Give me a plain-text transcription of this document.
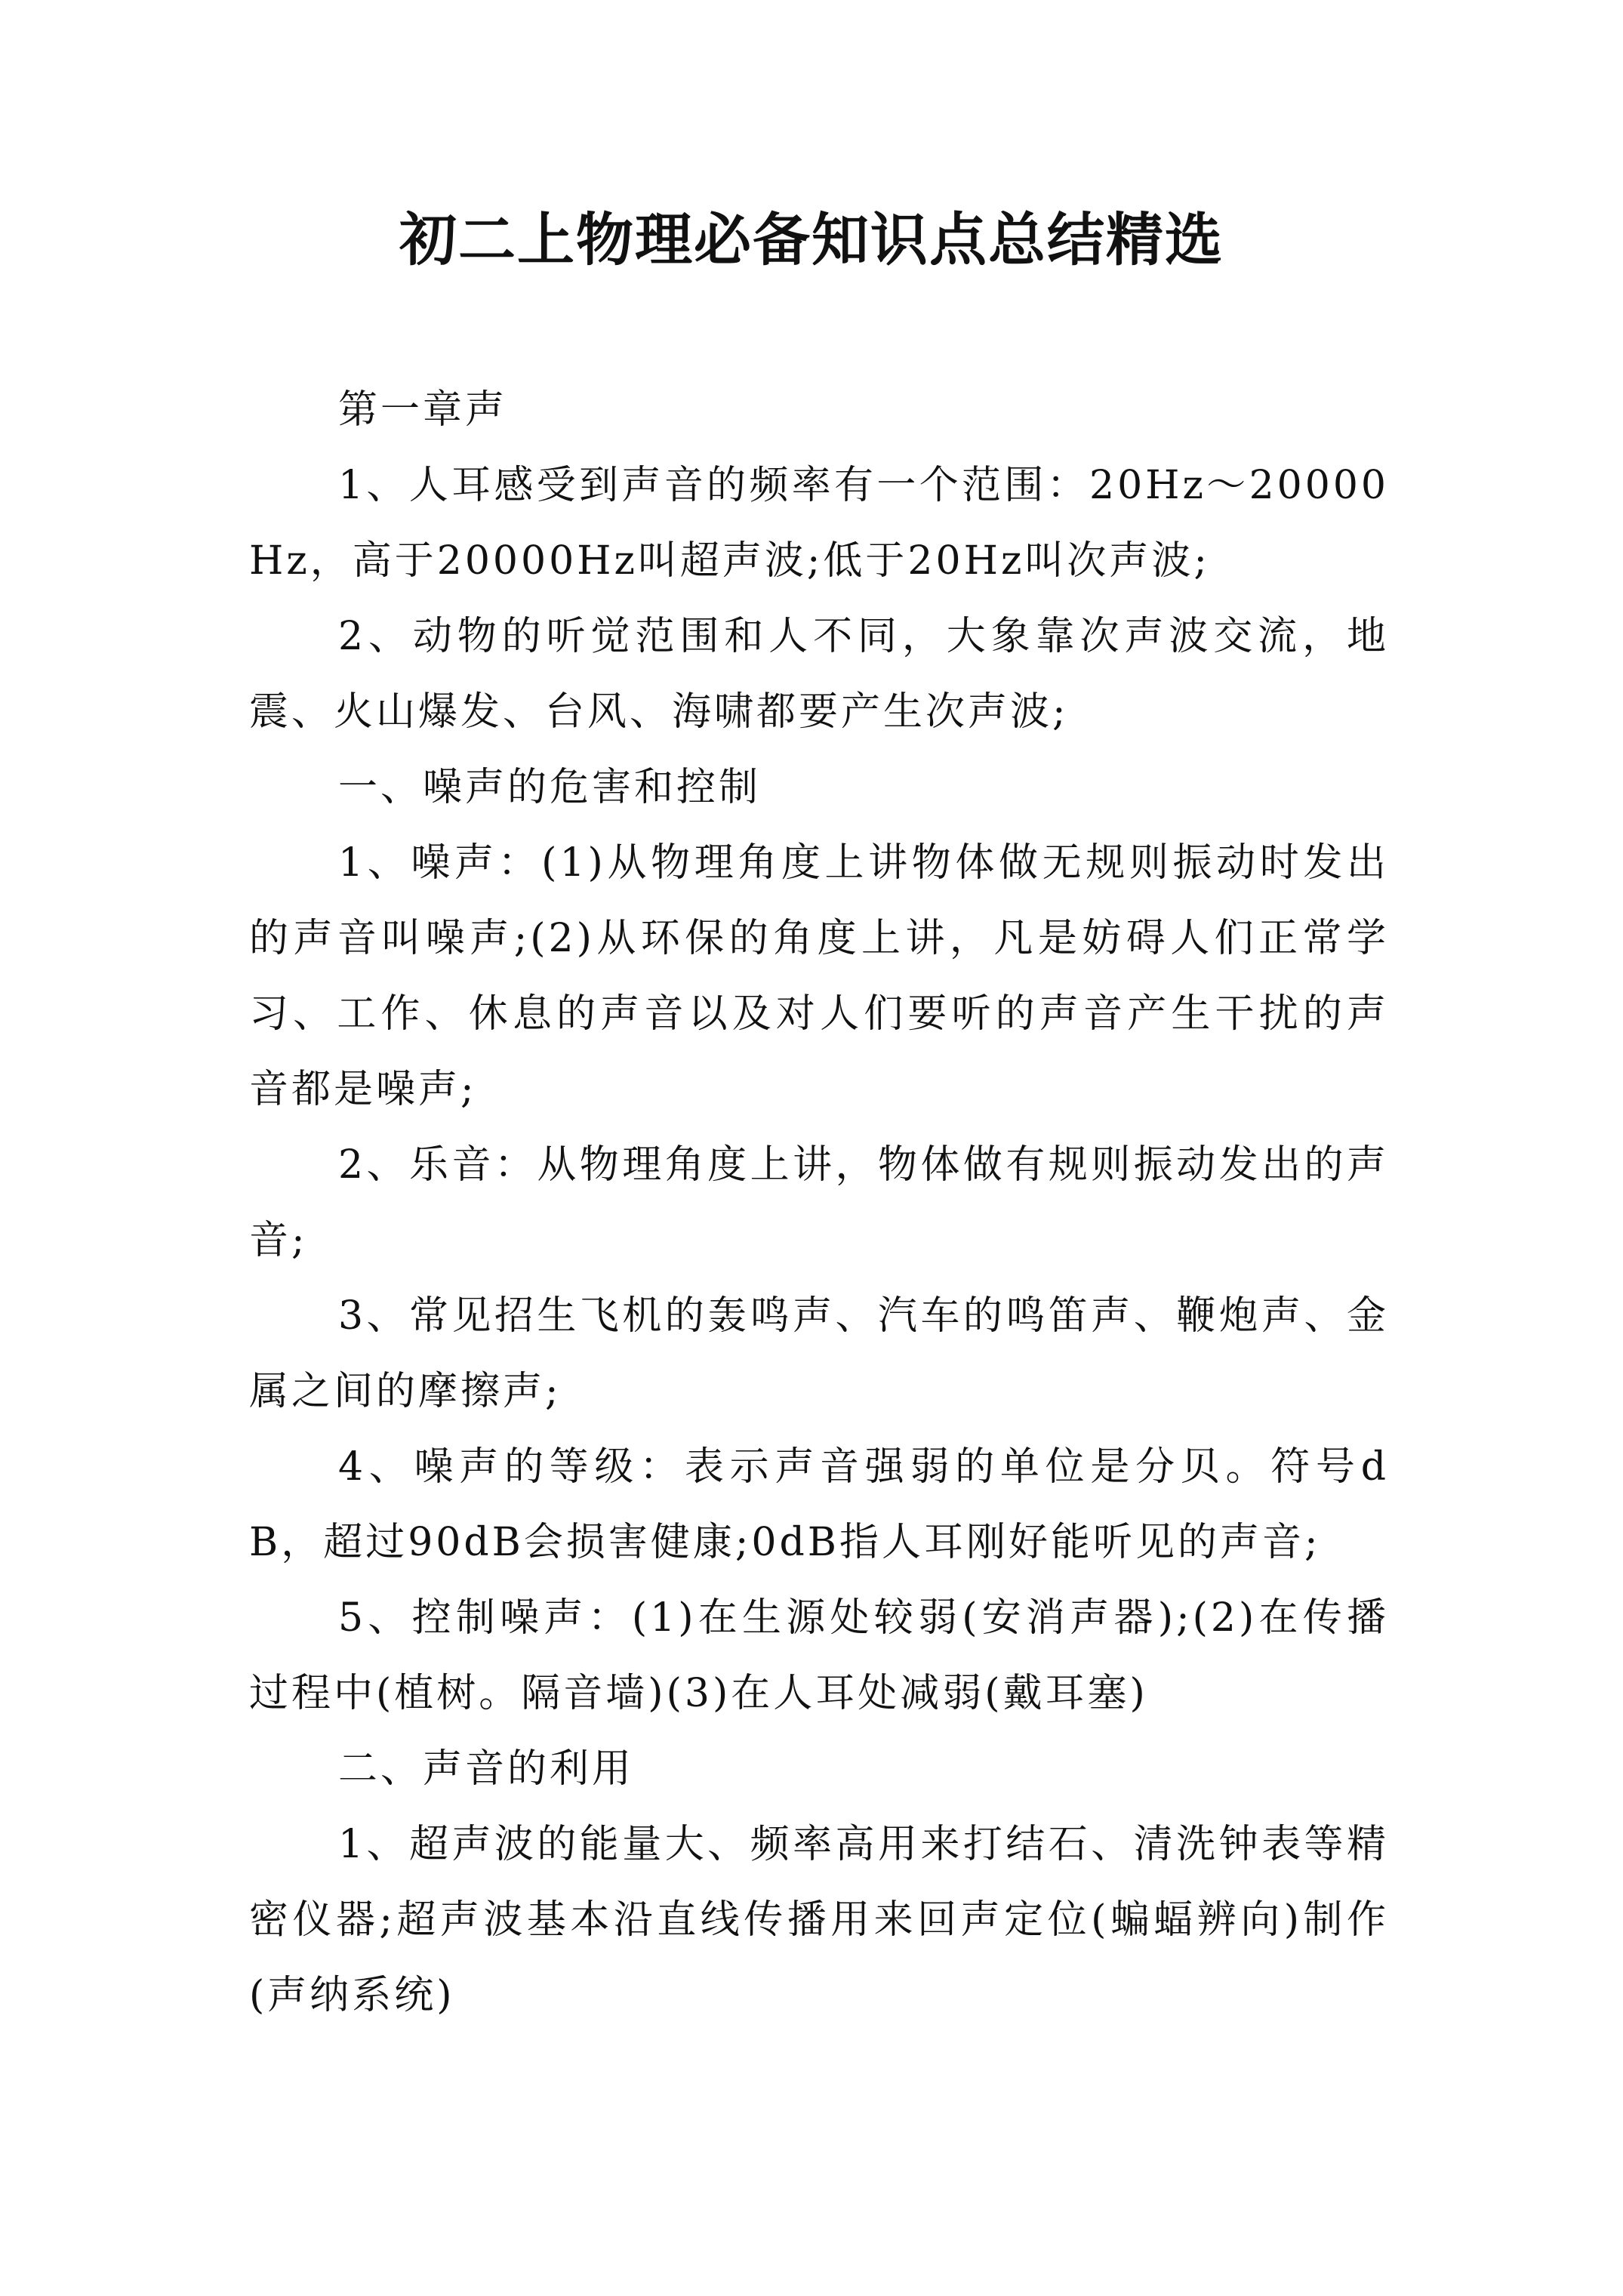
初二上物理必备知识点总结精选

第一章声

1、人耳感受到声音的频率有一个范围：20Hz～20000Hz，高于20000Hz叫超声波;低于20Hz叫次声波;

2、动物的听觉范围和人不同，大象靠次声波交流，地震、火山爆发、台风、海啸都要产生次声波;

一、噪声的危害和控制

1、噪声：(1)从物理角度上讲物体做无规则振动时发出的声音叫噪声;(2)从环保的角度上讲，凡是妨碍人们正常学习、工作、休息的声音以及对人们要听的声音产生干扰的声音都是噪声;

2、乐音：从物理角度上讲，物体做有规则振动发出的声音;

3、常见招生飞机的轰鸣声、汽车的鸣笛声、鞭炮声、金属之间的摩擦声;

4、噪声的等级：表示声音强弱的单位是分贝。符号dB，超过90dB会损害健康;0dB指人耳刚好能听见的声音;

5、控制噪声：(1)在生源处较弱(安消声器);(2)在传播过程中(植树。隔音墙)(3)在人耳处减弱(戴耳塞)

二、声音的利用

1、超声波的能量大、频率高用来打结石、清洗钟表等精密仪器;超声波基本沿直线传播用来回声定位(蝙蝠辨向)制作(声纳系统)
